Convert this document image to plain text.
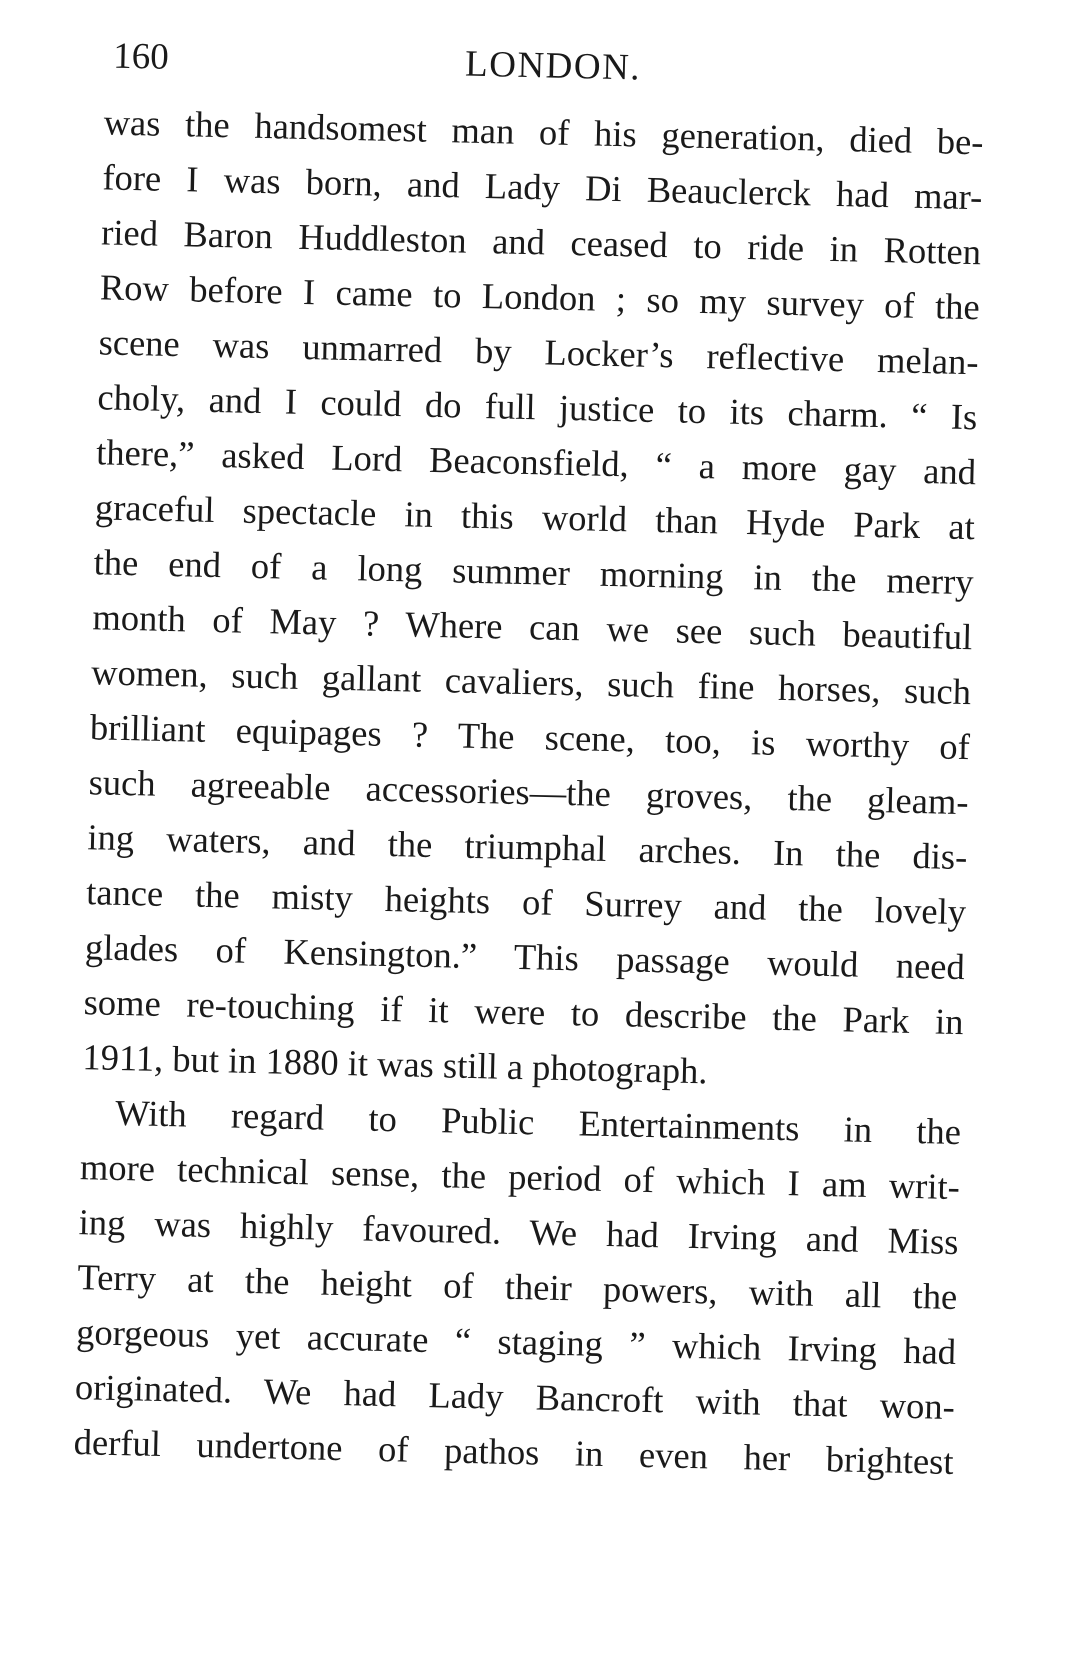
160	LONDON.
was the handsomest man of his generation, died be-
fore I was born, and Lady Di Beauclerck had mar-
ried Baron Huddleston and ceased to ride in Rotten
Row before I came to London ; so my survey of the
scene was unmarred by Locker’s reflective melan-
choly, and I could do full justice to its charm. “ Is
there,” asked Lord Beaconsfield, “ a more gay and
graceful spectacle in this world than Hyde Park at
the end of a long summer morning in the merry
month of May ? Where can we see such beautiful
women, such gallant cavaliers, such fine horses, such
brilliant equipages ? The scene, too, is worthy of
such agreeable accessories—the groves, the gleam-
ing waters, and the triumphal arches. In the dis-
tance the misty heights of Surrey and the lovely
glades of Kensington.” This passage would need
some re-touching if it were to describe the Park in
1911, but in 1880 it was still a photograph.
With regard to Public Entertainments in the
more technical sense, the period of which I am writ-
ing was highly favoured. We had Irving and Miss
Terry at the height of their powers, with all the
gorgeous yet accurate “ staging ” which Irving had
originated. We had Lady Bancroft with that won-
derful undertone of pathos in even her brightest
